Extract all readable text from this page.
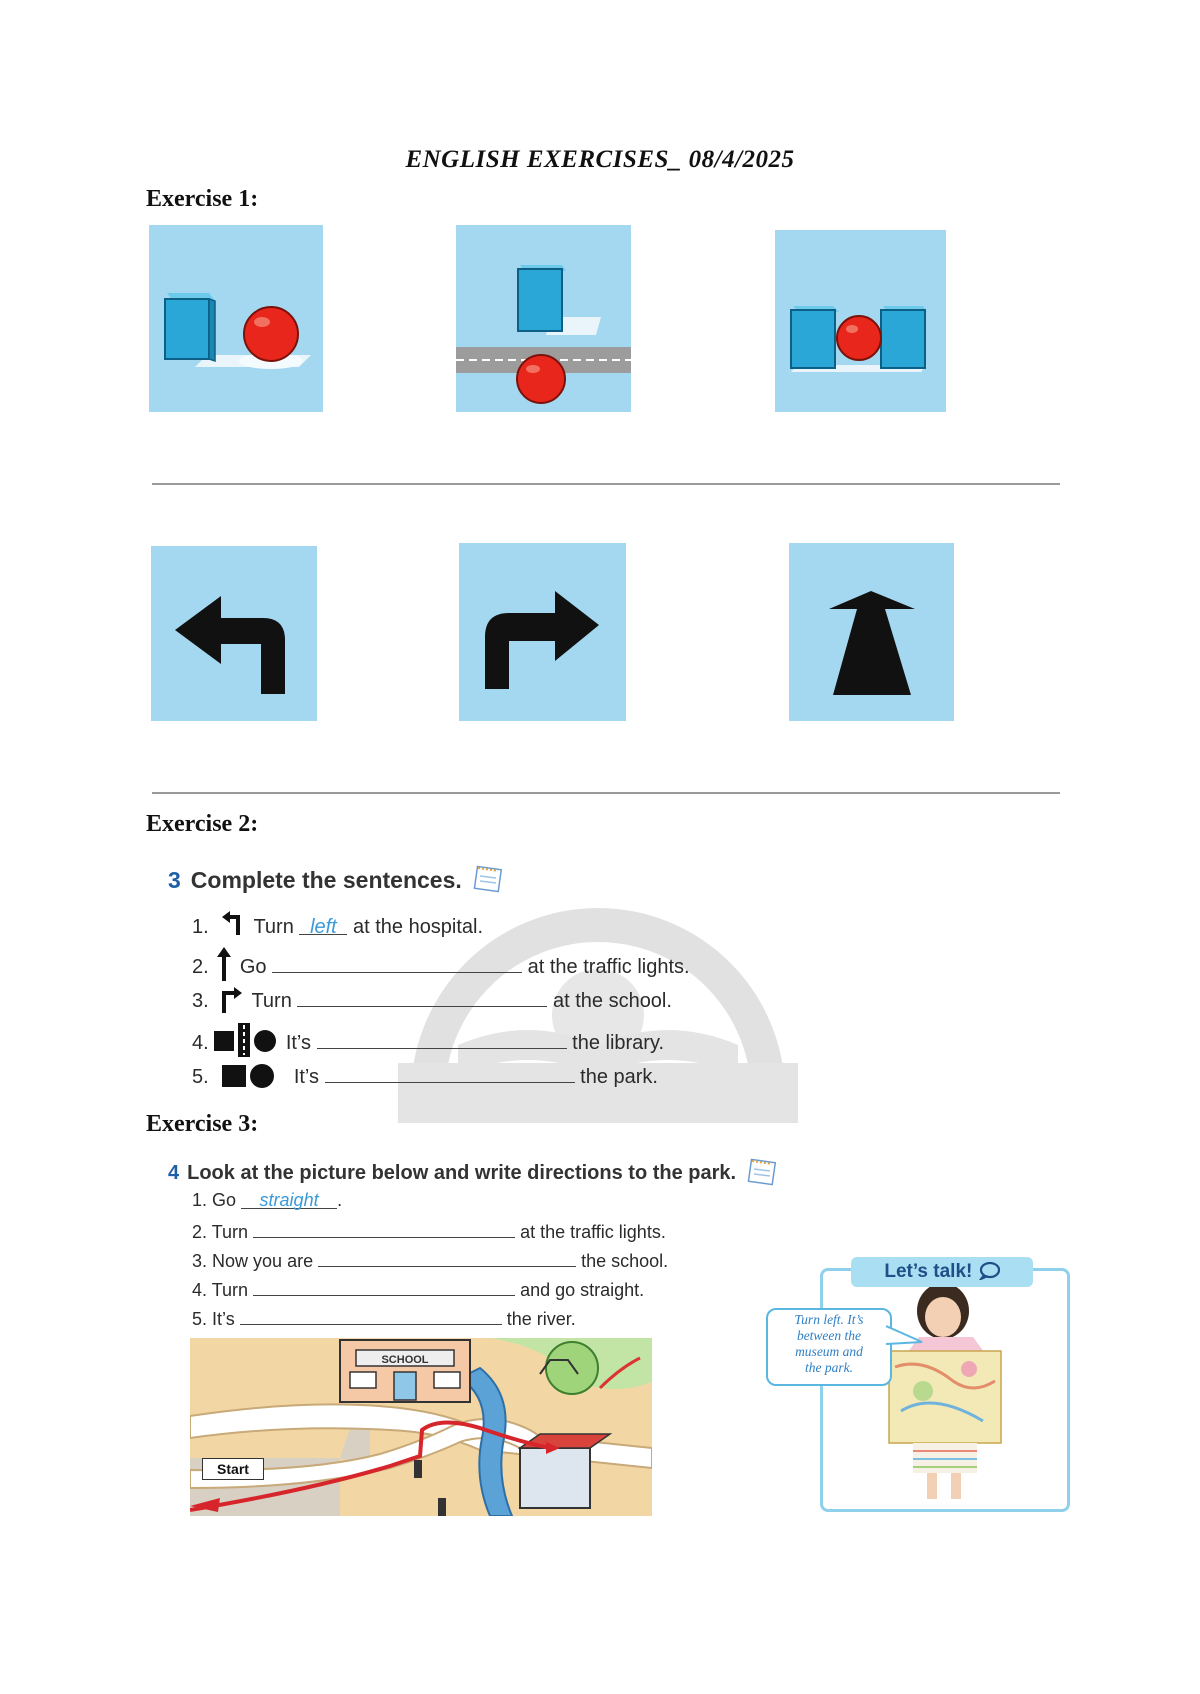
ENGLISH EXERCISES_ 08/4/2025
Exercise 1:
Exercise 2:
3 Complete the sentences.
1. Turn left at the hospital.
2. Go	at the traffic lights.
3. Turn	at the school.
4.	It’s	the library.
5.	It’s	the park.
Exercise 3:
4 Look at the picture below and write directions to the park.
1. Go straight .
2. Turn	at the traffic lights.
3. Now you are	the school.
4. Turn	and go straight.
5. It’s	the river.
SCHOOL
Start
Let’s talk!
Turn left. It’s
between the
museum and
the park.
